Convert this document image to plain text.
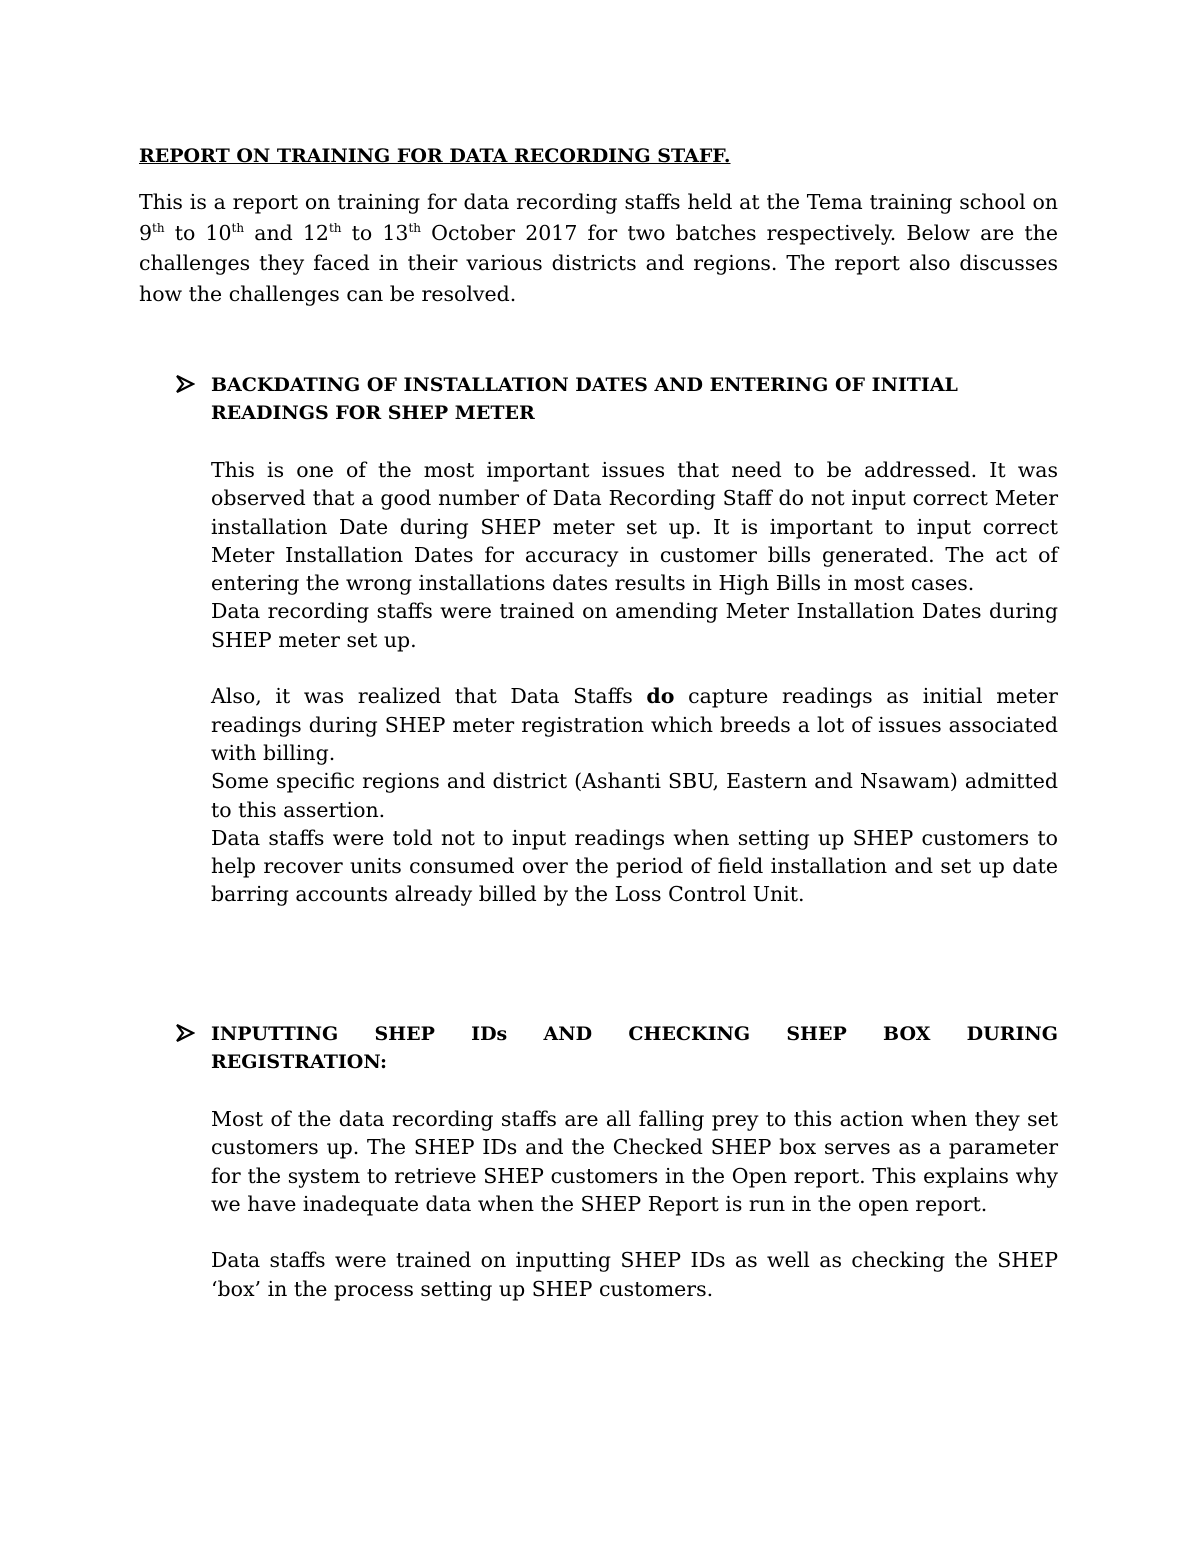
REPORT ON TRAINING FOR DATA RECORDING STAFF.

This is a report on training for data recording staffs held at the Tema training school on 9th to 10th and 12th to 13th October 2017 for two batches respectively. Below are the challenges they faced in their various districts and regions. The report also discusses how the challenges can be resolved.

BACKDATING OF INSTALLATION DATES AND ENTERING OF INITIAL
READINGS FOR SHEP METER

This is one of the most important issues that need to be addressed. It was observed that a good number of Data Recording Staff do not input correct Meter installation Date during SHEP meter set up. It is important to input correct Meter Installation Dates for accuracy in customer bills generated. The act of entering the wrong installations dates results in High Bills in most cases.

Data recording staffs were trained on amending Meter Installation Dates during SHEP meter set up.

Also, it was realized that Data Staffs do capture readings as initial meter readings during SHEP meter registration which breeds a lot of issues associated with billing.

Some specific regions and district (Ashanti SBU, Eastern and Nsawam) admitted to this assertion.

Data staffs were told not to input readings when setting up SHEP customers to help recover units consumed over the period of field installation and set up date barring accounts already billed by the Loss Control Unit.

INPUTTING SHEP IDs AND CHECKING SHEP BOX DURING
REGISTRATION:

Most of the data recording staffs are all falling prey to this action when they set customers up. The SHEP IDs and the Checked SHEP box serves as a parameter for the system to retrieve SHEP customers in the Open report. This explains why we have inadequate data when the SHEP Report is run in the open report.

Data staffs were trained on inputting SHEP IDs as well as checking the SHEP ‘box’ in the process setting up SHEP customers.
